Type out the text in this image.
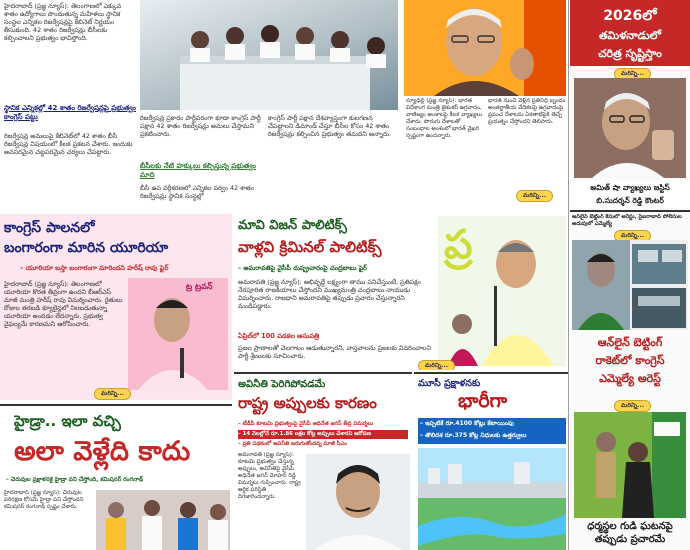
హైదరాబాద్ (ప్రజ్ఞ న్యూస్): తెలంగాణలో ఎక్కువ శాతం ఉద్యోగాలు పొందుతున్న మహిళలు స్థానిక సంస్థల ఎన్నికల రిజర్వేషన్లపై కేబినెట్ నిర్ణయం తీసుకుంది. 42 శాతం రిజర్వేషన్లు బీసీలకు కల్పించాలని ప్రభుత్వం భావిస్తోంది.
స్థానిక ఎన్నికల్లో 42 శాతం రిజర్వేషన్లపై ప్రభుత్వం కాంగ్రెస్ పట్టు
రిజర్వేషన్ల అమలుపై కేబినెట్‌లో 42 శాతం బీసీ రిజర్వేషన్ల విషయంలో కీలక ప్రకటన చేశారు. ఇందుకు అవసరమైన చట్టపరమైన చర్యలు చేపట్టారు.
రిజర్వేషన్ల ప్రకారం పార్టీపరంగా కూడా కాంగ్రెస్ పార్టీ పక్షాన 42 శాతం రిజర్వేషన్లు అమలు చేస్తామని ప్రకటించారు.
కాంగ్రెస్ పార్టీ పక్షాన దేశవ్యాప్తంగా కులగణన చేపట్టాలని డిమాండ్ చేస్తూ బీసీల కోసం 42 శాతం రిజర్వేషన్లు కల్పించిన ప్రభుత్వం తమదని అన్నారు.
బీసీలకు నేటి హక్కులు కల్పిస్తున్న ప్రభుత్వం మాది
బీసీ ఉప వర్గీకరణలో ఎన్నికల పర్వం 42 శాతం రిజర్వేషన్లు స్థానిక సంస్థల్లో
న్యూఢిల్లీ (ప్రజ్ఞ న్యూస్): భారత విదేశాంగ మంత్రి జైశంకర్ ఉగ్రవాదం, వాణిజ్యం అంశాలపై కీలక వ్యాఖ్యలు చేశారు. పొరుగు దేశాలతో సంబంధాల అంశంలో భారత్ వైఖరి స్పష్టంగా ఉందన్నారు.
భారత్ నుంచి వెళ్లిన ప్రతినిధి బృందం అంతర్జాతీయ వేదికలపై ఉగ్రవాదంపై ప్రపంచ దేశాలను ఏకతాటిపైకి తెచ్చే ప్రయత్నం చేస్తోందని తెలిపారు.
మరిన్ని...
2026లో
తమిళనాడులో
చరిత్ర సృష్టిస్తాం
మరిన్ని...
అమిత్ షా వ్యాఖ్యలు జస్టిస్
బి.సుదర్శన్ రెడ్డి కౌంటర్
ఆన్‌లైన్ బెట్టింగ్ కేసులో అరెస్టు, సైబరాబాద్ పోలీసుల అదుపులో ఎమ్మెల్యే
మరిన్ని...
ఆన్‌లైన్ బెట్టింగ్
రాకెట్‌లో కాంగ్రెస్
ఎమ్మెల్యే అరెస్ట్
మరిన్ని...
ధర్మస్థల గుడి ఘటనపై తప్పుడు ప్రచారమే
కాంగ్రెస్ పాలనలో
బంగారంగా మారిన యూరియా
– యూరియా బస్తా బంగారంగా మారిందని హరీష్ రావు ఫైర్
హైదరాబాద్ (ప్రజ్ఞ న్యూస్): తెలంగాణలో యూరియా కొరత తీవ్రంగా ఉందని బీఆర్ఎస్ మాజీ మంత్రి హరీష్ రావు విమర్శించారు. రైతులు రోజుల తరబడి క్యూలైన్లలో నిలబడుతున్నా యూరియా అందడం లేదన్నారు. ప్రభుత్వ వైఫల్యమే కారణమని ఆరోపించారు.
ట్ర ట్రవన్
మరిన్ని...
మావి విజన్ పాలిటిక్స్
వాళ్లవి క్రిమినల్ పాలిటిక్స్
– అమరావతిపై వైసీపీ దుష్ప్రచారంపై చంద్రబాబు ఫైర్
అమరావతి (ప్రజ్ఞ న్యూస్): అభివృద్ధే లక్ష్యంగా తాము పనిచేస్తుంటే, ప్రతిపక్షం నేరపూరిత రాజకీయాలు చేస్తోందని ముఖ్యమంత్రి చంద్రబాబు నాయుడు విమర్శించారు. రాజధాని అమరావతిపై తప్పుడు ప్రచారం చేస్తున్నారని మండిపడ్డారు.
ఏప్రిల్‌లో 100 పడకల ఆసుపత్రి
ప్రజల ప్రాణాలతో చెలగాటం ఆడుతున్నారని, వాస్తవాలను ప్రజలకు వివరించాలని పార్టీ శ్రేణులకు సూచించారు.
ప్ర
మరిన్ని...
అవినీతి పెరిగిపోవడమే
రాష్ట్ర అప్పులకు కారణం
– టీడీపీ కూటమి ప్రభుత్వంపై వైసీపీ అధినేత జగన్ తీవ్ర విమర్శలు
– 14 నెలల్లోనే రూ.1.86 లక్షల కోట్ల అప్పులు చేశారని ఆరోపణ
– ప్రతి పథకంలో అవినీతి జరుగుతోందన్న మాజీ సీఎం
అమరావతి (ప్రజ్ఞ న్యూస్): కూటమి ప్రభుత్వం చేస్తున్న అప్పులు, అవినీతిపై వైసీపీ అధినేత జగన్ మోహన్ రెడ్డి విమర్శలు గుప్పించారు. రాష్ట్ర ఆర్థిక పరిస్థితి దిగజారిందన్నారు.
మూసీ ప్రక్షాళనకు
భారీగా
– ఇప్పటికే రూ.4100 కోట్లు కేటాయింపు
– తొలిదశ రూ.375 కోట్ల నిధులకు ఉత్తర్వులు
హైడ్రా.. ఇలా వచ్చి
అలా వెళ్లేది కాదు
– చెరువుల ప్రక్షాళనకై హైడ్రా పని చేస్తోంది, కమిషనర్ రంగనాథ్
హైదరాబాద్ (ప్రజ్ఞ న్యూస్): చెరువుల పరిరక్షణ కోసమే హైడ్రా పని చేస్తోందని కమిషనర్ రంగనాథ్ స్పష్టం చేశారు.
